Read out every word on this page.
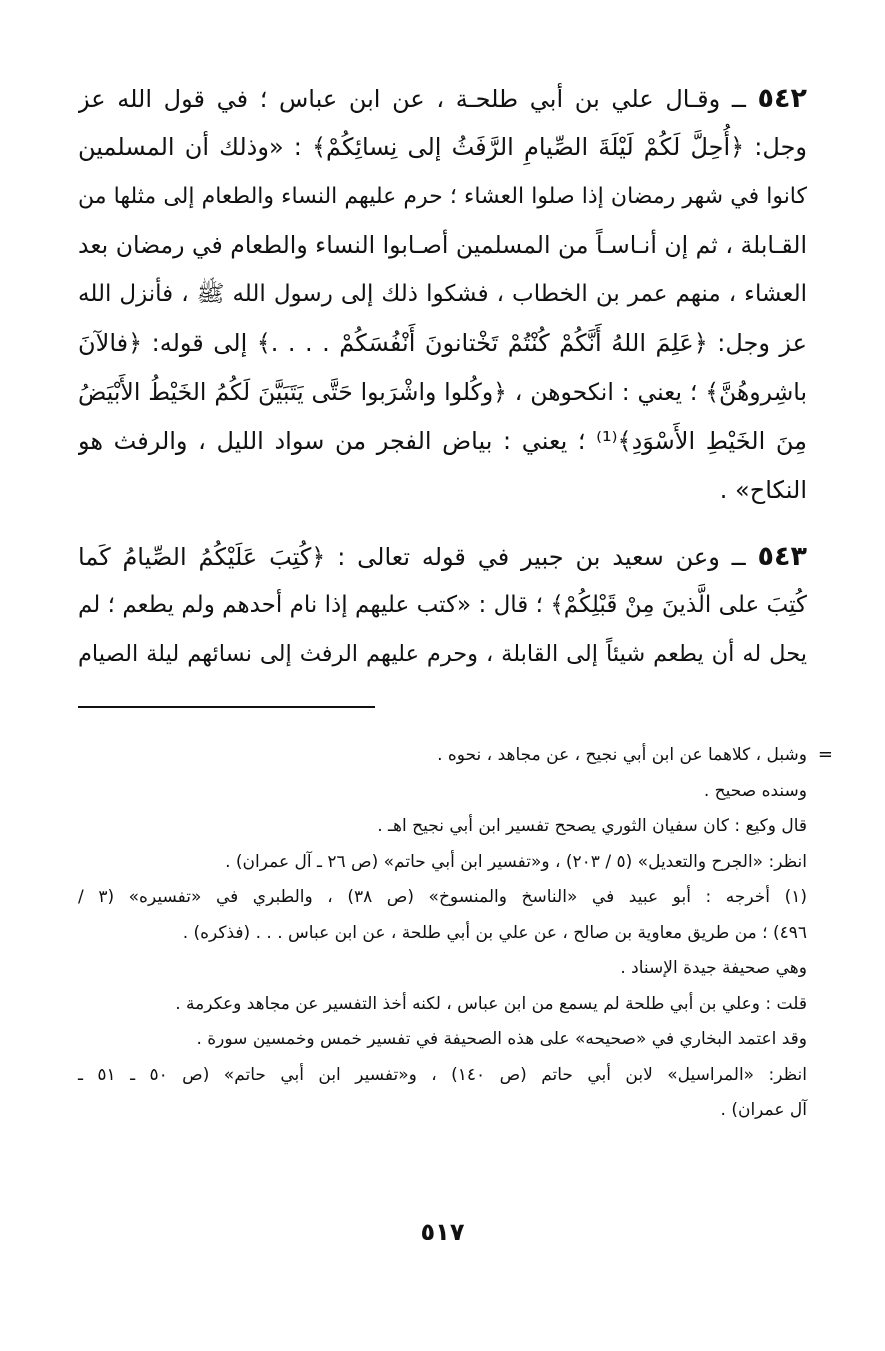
٥٤٢ ــ وقـال علي بن أبي طلحـة ، عن ابن عباس ؛ في قول الله عز
وجل: ﴿أُحِلَّ لَكُمْ لَيْلَةَ الصِّيامِ الرَّفَثُ إلى نِسائِكُمْ﴾ : «وذلك أن المسلمين
كانوا في شهر رمضان إذا صلوا العشاء ؛ حرم عليهم النساء والطعام إلى مثلها من
القـابلة ، ثم إن أنـاسـاً من المسلمين أصـابوا النساء والطعام في رمضان بعد
العشاء ، منهم عمر بن الخطاب ، فشكوا ذلك إلى رسول الله ﷺ ، فأنزل الله
عز وجل: ﴿عَلِمَ اللهُ أَنَّكُمْ كُنْتُمْ تَخْتانونَ أَنْفُسَكُمْ . . . .﴾ إلى قوله: ﴿فالآنَ
باشِروهُنَّ﴾ ؛ يعني : انكحوهن ، ﴿وكُلوا واشْرَبوا حَتَّى يَتَبَيَّنَ لَكُمُ الخَيْطُ الأَبْيَضُ
مِنَ الخَيْطِ الأَسْوَدِ﴾⁽¹⁾ ؛ يعني : بياض الفجر من سواد الليل ، والرفث هو
النكاح» .
٥٤٣ ــ وعن سعيد بن جبير في قوله تعالى : ﴿كُتِبَ عَلَيْكُمُ الصِّيامُ كَما
كُتِبَ على الَّذينَ مِنْ قَبْلِكُمْ﴾ ؛ قال : «كتب عليهم إذا نام أحدهم ولم يطعم ؛ لم
يحل له أن يطعم شيئاً إلى القابلة ، وحرم عليهم الرفث إلى نسائهم ليلة الصيام
=
وشبل ، كلاهما عن ابن أبي نجيح ، عن مجاهد ، نحوه .
وسنده صحيح .
قال وكيع : كان سفيان الثوري يصحح تفسير ابن أبي نجيح اهـ .
انظر: «الجرح والتعديل» (٥ / ٢٠٣) ، و«تفسير ابن أبي حاتم» (ص ٢٦ ـ آل عمران) .
(١) أخرجه : أبو عبيد في «الناسخ والمنسوخ» (ص ٣٨) ، والطبري في «تفسيره» (٣ /
٤٩٦) ؛ من طريق معاوية بن صالح ، عن علي بن أبي طلحة ، عن ابن عباس . . . (فذكره) .
وهي صحيفة جيدة الإسناد .
قلت : وعلي بن أبي طلحة لم يسمع من ابن عباس ، لكنه أخذ التفسير عن مجاهد وعكرمة .
وقد اعتمد البخاري في «صحيحه» على هذه الصحيفة في تفسير خمس وخمسين سورة .
انظر: «المراسيل» لابن أبي حاتم (ص ١٤٠) ، و«تفسير ابن أبي حاتم» (ص ٥٠ ـ ٥١ ـ
آل عمران) .
٥١٧
